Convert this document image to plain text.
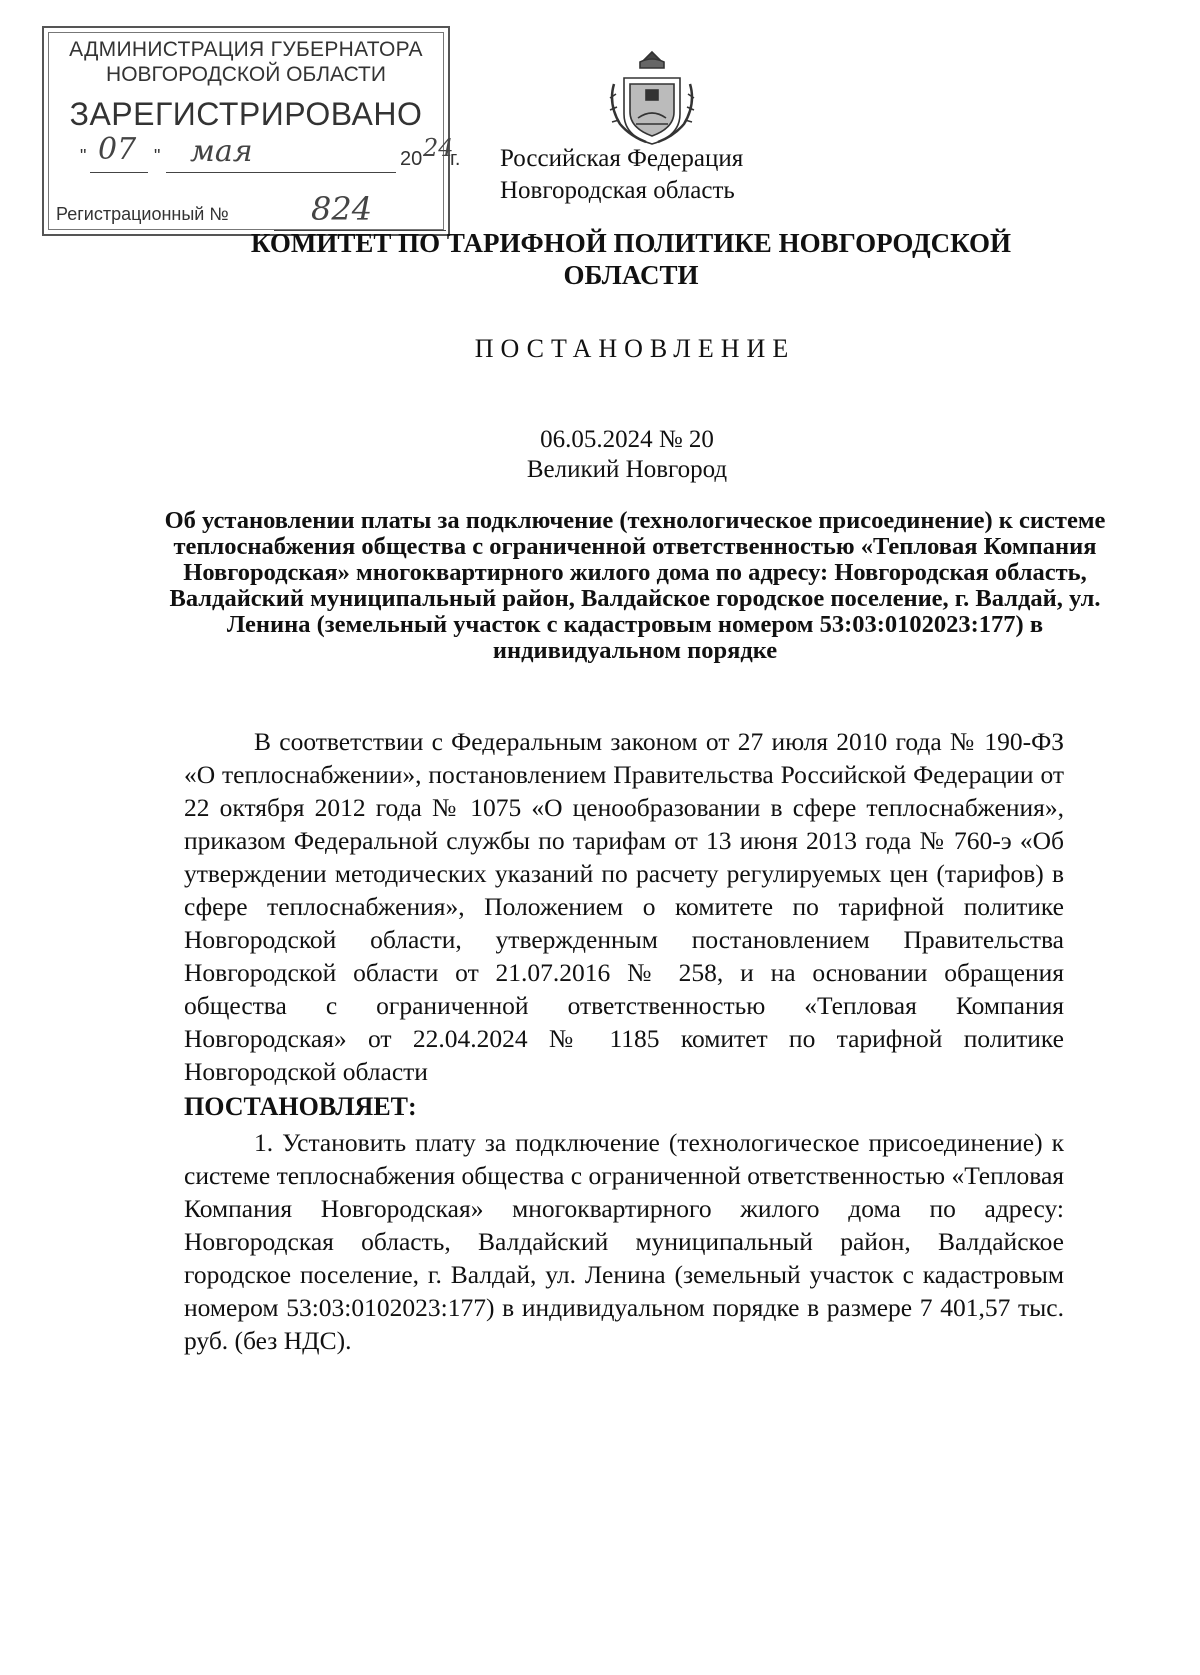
АДМИНИСТРАЦИЯ ГУБЕРНАТОРА
НОВГОРОДСКОЙ ОБЛАСТИ
ЗАРЕГИСТРИРОВАНО
" 07 " мая	20 24
г.
Регистрационный №	824
Российская Федерация
Новгородская область
КОМИТЕТ ПО ТАРИФНОЙ ПОЛИТИКЕ НОВГОРОДСКОЙ ОБЛАСТИ
ПОСТАНОВЛЕНИЕ
06.05.2024 № 20
Великий Новгород
Об установлении платы за подключение (технологическое присоединение) к системе теплоснабжения общества с ограниченной ответственностью «Тепловая Компания Новгородская» многоквартирного жилого дома по адресу: Новгородская область, Валдайский муниципальный район, Валдайское городское поселение, г. Валдай, ул. Ленина (земельный участок с кадастровым номером 53:03:0102023:177) в индивидуальном порядке
В соответствии с Федеральным законом от 27 июля 2010 года № 190-ФЗ «О теплоснабжении», постановлением Правительства Российской Федерации от 22 октября 2012 года № 1075 «О ценообразовании в сфере теплоснабжения», приказом Федеральной службы по тарифам от 13 июня 2013 года № 760-э «Об утверждении методических указаний по расчету регулируемых цен (тарифов) в сфере теплоснабжения», Положением о комитете по тарифной политике Новгородской области, утвержденным постановлением Правительства Новгородской области от 21.07.2016 № 258, и на основании обращения общества с ограниченной ответственностью «Тепловая Компания Новгородская» от 22.04.2024 № 1185 комитет по тарифной политике Новгородской области
ПОСТАНОВЛЯЕТ:
1. Установить плату за подключение (технологическое присоединение) к системе теплоснабжения общества с ограниченной ответственностью «Тепловая Компания Новгородская» многоквартирного жилого дома по адресу: Новгородская область, Валдайский муниципальный район, Валдайское городское поселение, г. Валдай, ул. Ленина (земельный участок с кадастровым номером 53:03:0102023:177) в индивидуальном порядке в размере 7 401,57 тыс. руб. (без НДС).
